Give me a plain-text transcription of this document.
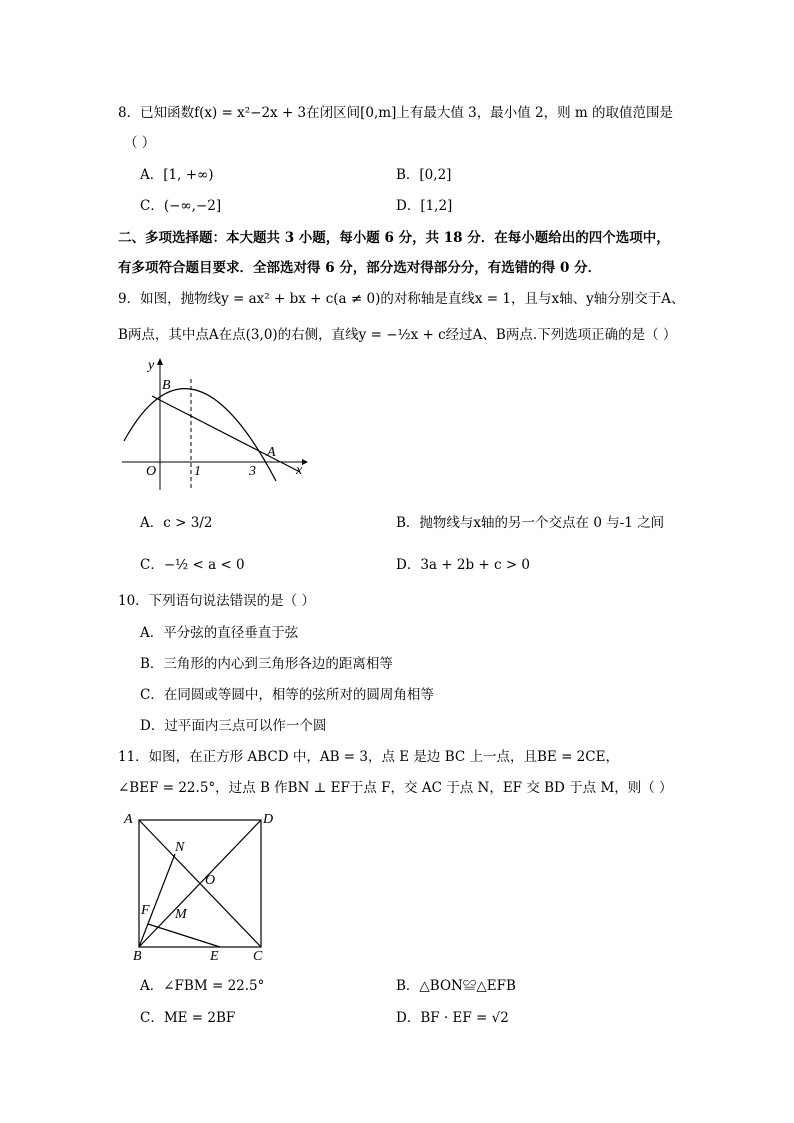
8．已知函数f(x) = x²−2x + 3在闭区间[0,m]上有最大值 3，最小值 2，则 m 的取值范围是
（ ）
A．[1, +∞)	B．[0,2]
C．(−∞,−2]	D．[1,2]
二、多项选择题：本大题共 3 小题，每小题 6 分，共 18 分．在每小题给出的四个选项中，
有多项符合题目要求．全部选对得 6 分，部分选对得部分分，有选错的得 0 分．
9．如图，抛物线y = ax² + bx + c(a ≠ 0)的对称轴是直线x = 1，且与x轴、y轴分别交于A、
B两点，其中点A在点(3,0)的右侧，直线y = −½x + c经过A、B两点.下列选项正确的是（ ）
y
B
A
O	1	3	x
A．c > 3/2	B．抛物线与x轴的另一个交点在 0 与-1 之间
C．−½ < a < 0	D．3a + 2b + c > 0
10．下列语句说法错误的是（ ）
A．平分弦的直径垂直于弦
B．三角形的内心到三角形各边的距离相等
C．在同圆或等圆中，相等的弦所对的圆周角相等
D．过平面内三点可以作一个圆
11．如图，在正方形 ABCD 中，AB = 3，点 E 是边 BC 上一点，且BE = 2CE，
∠BEF = 22.5°，过点 B 作BN ⊥ EF于点 F，交 AC 于点 N，EF 交 BD 于点 M，则（ ）
A	D
N
O
F M
B	E C
A．∠FBM = 22.5°	B．△BON≌△EFB
C．ME = 2BF	D．BF · EF = √2
